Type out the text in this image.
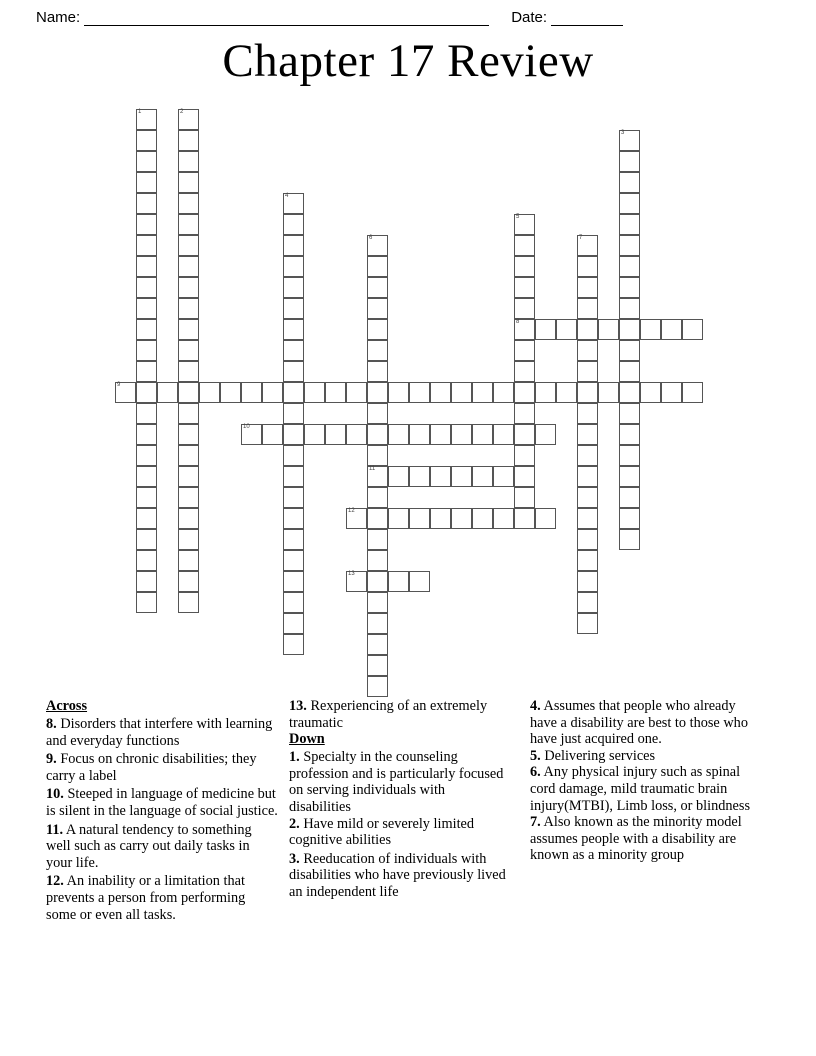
Name:	Date:
Chapter 17 Review
1	2
3
4
5
8
6
11
7
9
10
12
13
Across

8. Disorders that interfere with learning and everyday functions

9. Focus on chronic disabilities; they carry a label

10. Steeped in language of medicine but is silent in the language of social justice.

11. A natural tendency to something well such as carry out daily tasks in your life.

12. An inability or a limitation that prevents a person from performing some or even all tasks.

13. Rexperiencing of an extremely traumatic

Down

1. Specialty in the counseling profession and is particularly focused on serving individuals with disabilities

2. Have mild or severely limited cognitive abilities

3. Reeducation of individuals with disabilities who have previously lived an independent life

4. Assumes that people who already have a disability are best to those who have just acquired one.

5. Delivering services

6. Any physical injury such as spinal cord damage, mild traumatic brain injury(MTBI), Limb loss, or blindness

7. Also known as the minority model assumes people with a disability are known as a minority group
